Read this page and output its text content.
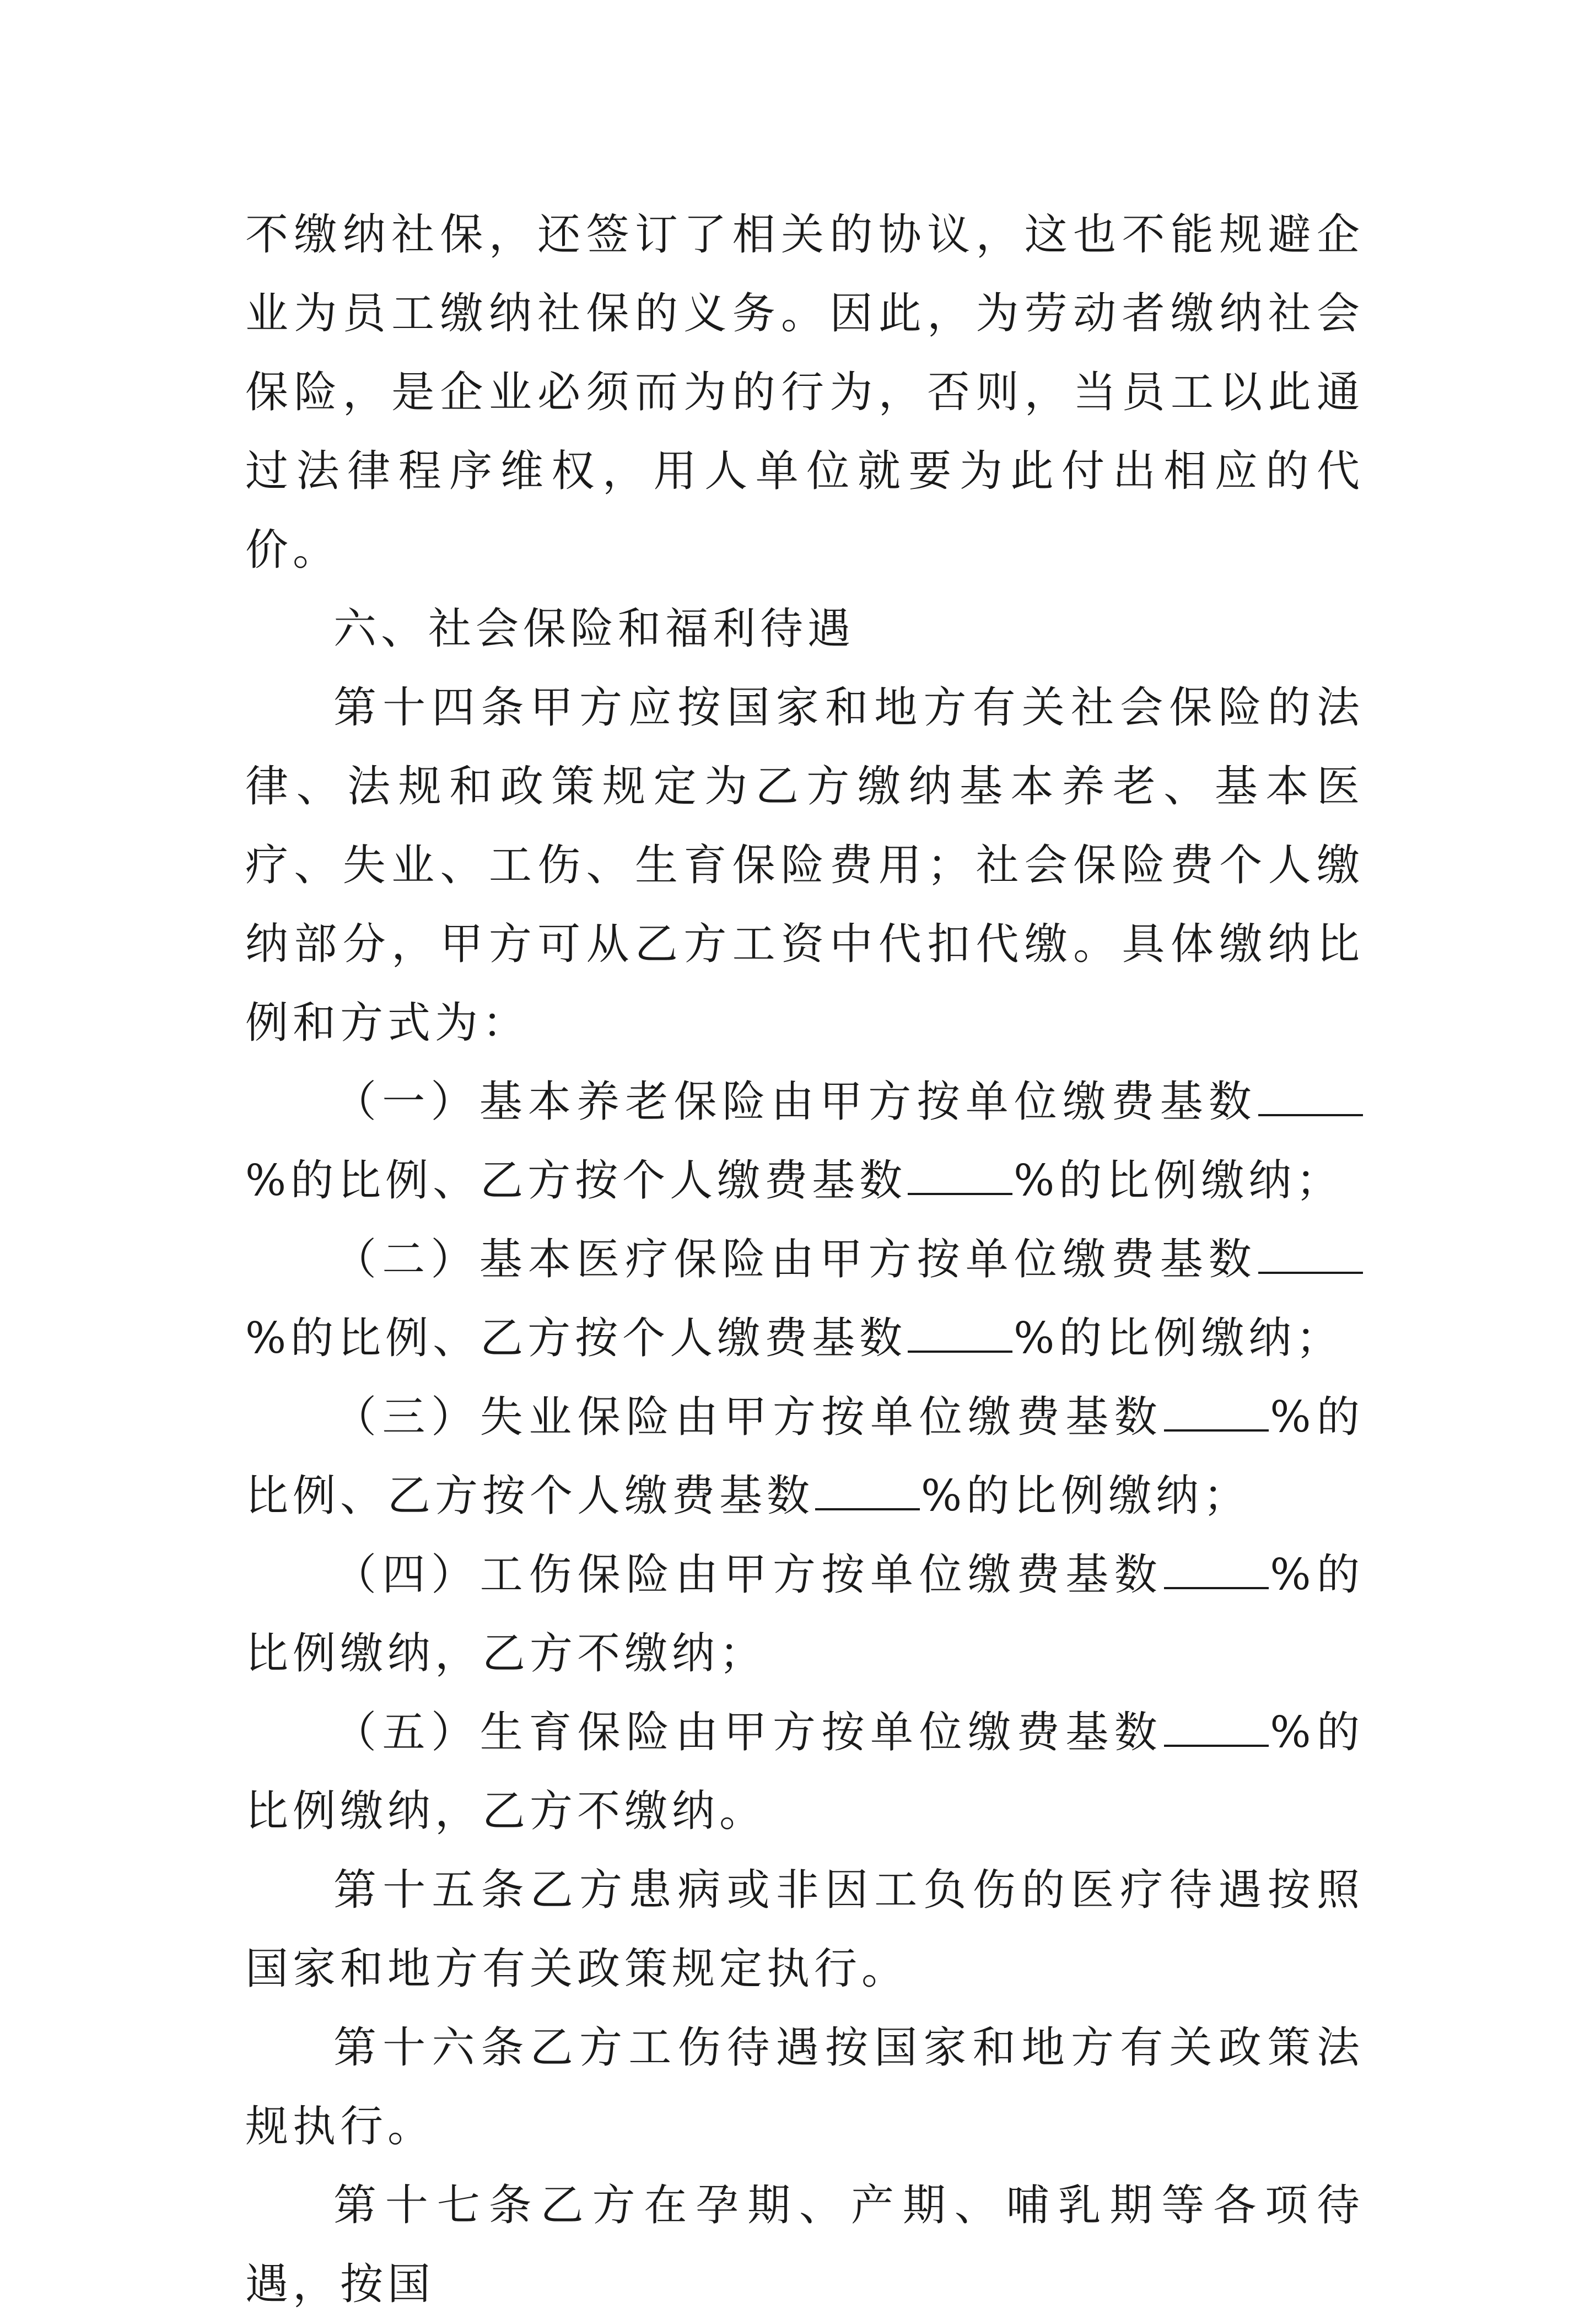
不缴纳社保，还签订了相关的协议，这也不能规避企业为员工缴纳社保的义务。因此，为劳动者缴纳社会保险，是企业必须而为的行为，否则，当员工以此通过法律程序维权，用人单位就要为此付出相应的代价。

六、社会保险和福利待遇

第十四条甲方应按国家和地方有关社会保险的法律、法规和政策规定为乙方缴纳基本养老、基本医疗、失业、工伤、生育保险费用；社会保险费个人缴纳部分，甲方可从乙方工资中代扣代缴。具体缴纳比例和方式为：

（一）基本养老保险由甲方按单位缴费基数%的比例、乙方按个人缴费基数 %的比例缴纳；

（二）基本医疗保险由甲方按单位缴费基数%的比例、乙方按个人缴费基数 %的比例缴纳；

（三）失业保险由甲方按单位缴费基数 %的比例、乙方按个人缴费基数 %的比例缴纳；

（四）工伤保险由甲方按单位缴费基数 %的比例缴纳，乙方不缴纳；

（五）生育保险由甲方按单位缴费基数 %的比例缴纳，乙方不缴纳。

第十五条乙方患病或非因工负伤的医疗待遇按照国家和地方有关政策规定执行。

第十六条乙方工伤待遇按国家和地方有关政策法规执行。

第十七条乙方在孕期、产期、哺乳期等各项待遇，按国
